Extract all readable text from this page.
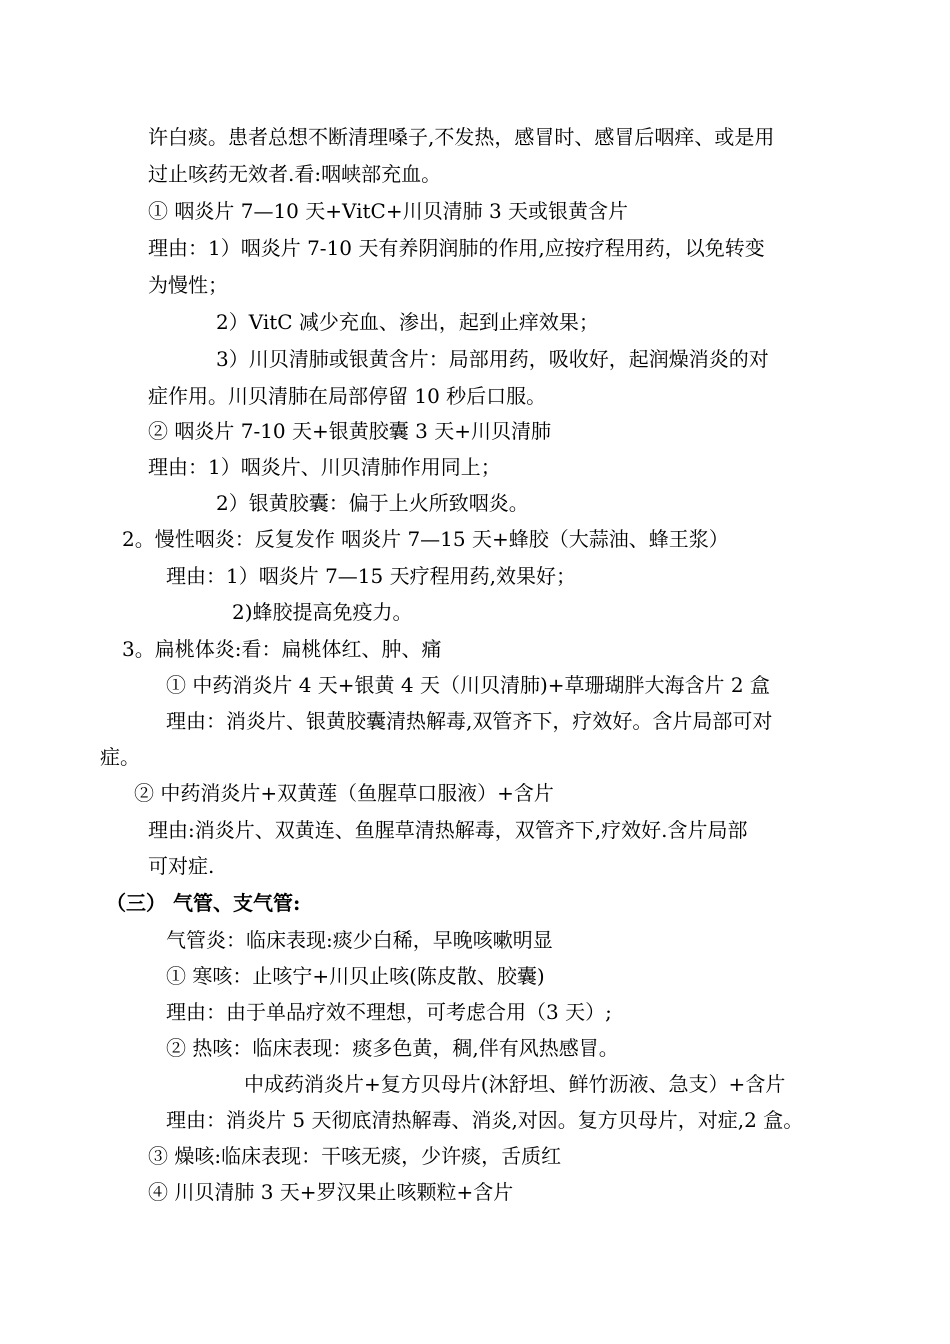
许白痰。患者总想不断清理嗓子,不发热，感冒时、感冒后咽痒、或是用
过止咳药无效者.看:咽峡部充血。
① 咽炎片 7—10 天+VitC+川贝清肺 3 天或银黄含片
理由：1）咽炎片 7-10 天有养阴润肺的作用,应按疗程用药，以免转变
为慢性；
2）VitC 减少充血、渗出，起到止痒效果；
3）川贝清肺或银黄含片：局部用药，吸收好，起润燥消炎的对
症作用。川贝清肺在局部停留 10 秒后口服。
② 咽炎片 7-10 天+银黄胶囊 3 天+川贝清肺
理由：1）咽炎片、川贝清肺作用同上；
2）银黄胶囊：偏于上火所致咽炎。
2。慢性咽炎：反复发作 咽炎片 7—15 天+蜂胶（大蒜油、蜂王浆）
理由：1）咽炎片 7—15 天疗程用药,效果好；
2)蜂胶提高免疫力。
3。扁桃体炎:看：扁桃体红、肿、痛
① 中药消炎片 4 天+银黄 4 天（川贝清肺)+草珊瑚胖大海含片 2 盒
理由：消炎片、银黄胶囊清热解毒,双管齐下，疗效好。含片局部可对
症。
② 中药消炎片+双黄莲（鱼腥草口服液）+含片
理由:消炎片、双黄连、鱼腥草清热解毒，双管齐下,疗效好.含片局部
可对症.
（三） 气管、支气管:
气管炎：临床表现:痰少白稀，早晚咳嗽明显
① 寒咳：止咳宁+川贝止咳(陈皮散、胶囊)
理由：由于单品疗效不理想，可考虑合用（3 天）;
② 热咳：临床表现：痰多色黄，稠,伴有风热感冒。
中成药消炎片+复方贝母片(沐舒坦、鲜竹沥液、急支）+含片
理由：消炎片 5 天彻底清热解毒、消炎,对因。复方贝母片，对症,2 盒。
③ 燥咳:临床表现：干咳无痰，少许痰，舌质红
④ 川贝清肺 3 天+罗汉果止咳颗粒+含片
